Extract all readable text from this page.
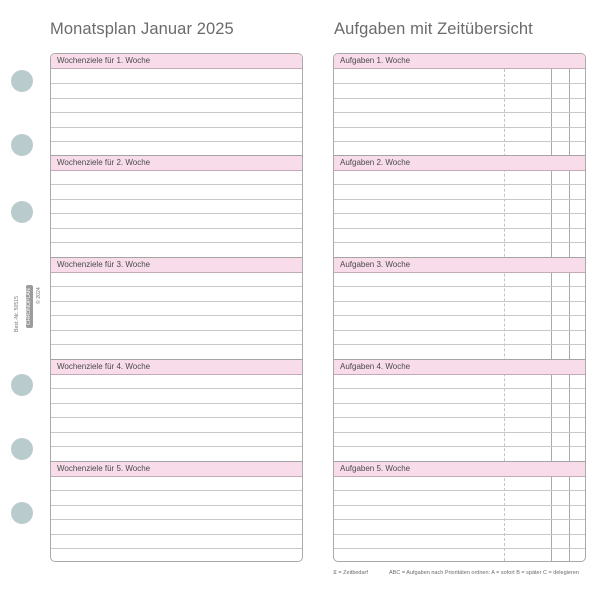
Monatsplan Januar 2025	Aufgaben mit Zeitübersicht
Best.-Nr. 50515 CHRONOPLAN © 2024
Wochenziele für 1. Woche
Wochenziele für 2. Woche
Wochenziele für 3. Woche
Wochenziele für 4. Woche
Wochenziele für 5. Woche
Aufgaben 1. Woche
Aufgaben 2. Woche
Aufgaben 3. Woche
Aufgaben 4. Woche
Aufgaben 5. Woche
⧖ = Zeitbedarf	ABC = Aufgaben nach Prioritäten ordnen: A = sofort B = später C = delegieren
